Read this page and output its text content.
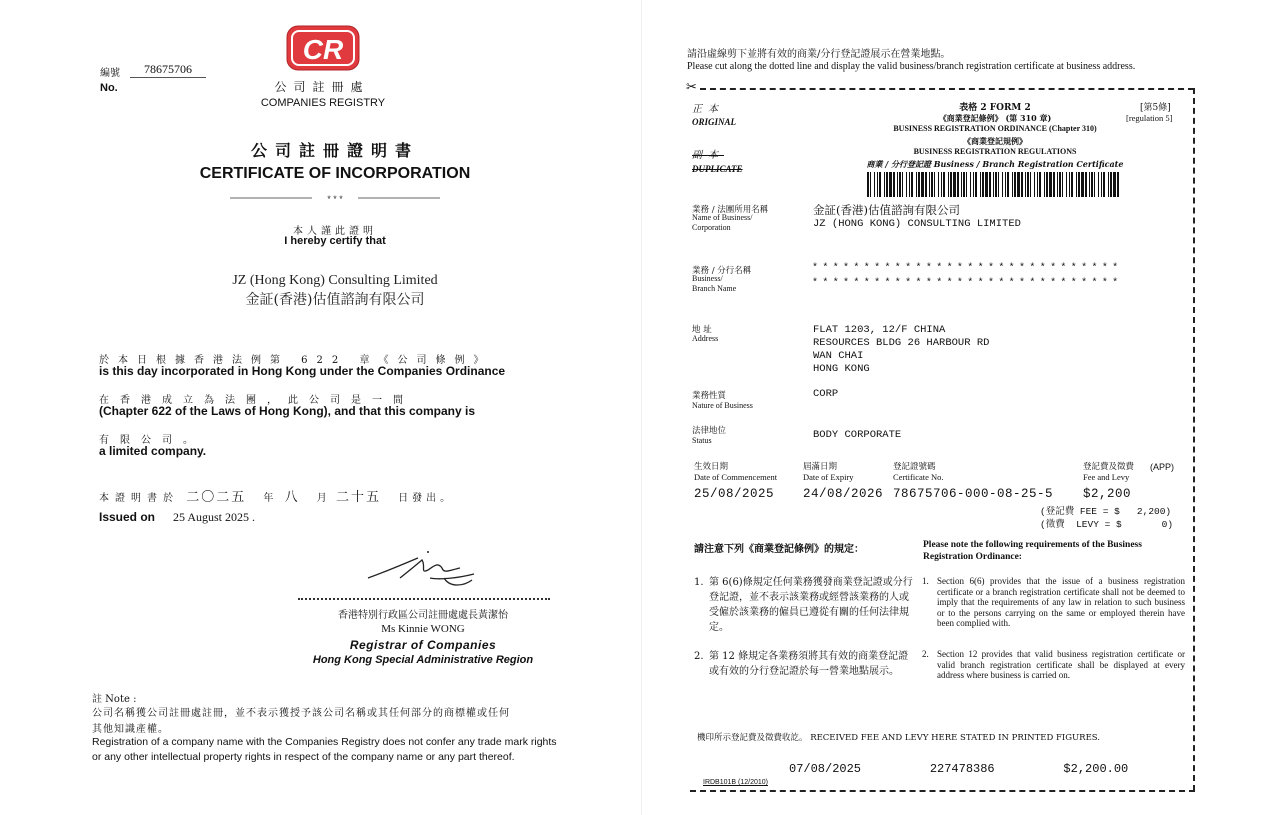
編號
No.
78675706
CR
公司註冊處
COMPANIES REGISTRY
公司註冊證明書
CERTIFICATE OF INCORPORATION
* * *
本人謹此證明
I hereby certify that
JZ (Hong Kong) Consulting Limited
金証(香港)估值諮詢有限公司
於本日根據香港法例第 622 章《公司條例》
is this day incorporated in Hong Kong under the Companies Ordinance
在香港成立為法團，此公司是一間
(Chapter 622 of the Laws of Hong Kong), and that this company is
有限公司。
a limited company.
本證明書於 二〇二五 年 八 月 二十五 日發出。
Issued on 25 August 2025 .
香港特別行政區公司註冊處處長黃潔怡
Ms Kinnie WONG
Registrar of Companies
Hong Kong Special Administrative Region
註 Note :
公司名稱獲公司註冊處註冊，並不表示獲授予該公司名稱或其任何部分的商標權或任何
其他知識產權。
Registration of a company name with the Companies Registry does not confer any trade mark rights
or any other intellectual property rights in respect of the company name or any part thereof.
請沿虛線剪下並將有效的商業/分行登記證展示在營業地點。
Please cut along the dotted line and display the valid business/branch registration certificate at business address.
✂
正本
ORIGINAL
副本
DUPLICATE
表格 2 FORM 2
《商業登記條例》 (第 310 章)
BUSINESS REGISTRATION ORDINANCE (Chapter 310)
《商業登記規例》
BUSINESS REGISTRATION REGULATIONS
商業 / 分行登記證 Business / Branch Registration Certificate
[第5條]
[regulation 5]
業務 / 法團所用名稱
Name of Business/
Corporation
金証(香港)估值諮詢有限公司
JZ (HONG KONG) CONSULTING LIMITED
業務 / 分行名稱
Business/
Branch Name
******************************
******************************
地 址
Address
FLAT 1203, 12/F CHINA
RESOURCES BLDG 26 HARBOUR RD
WAN CHAI
HONG KONG
業務性質
Nature of Business
CORP
法律地位
Status	BODY CORPORATE
生效日期
Date of Commencement
25/08/2025
屆滿日期
Date of Expiry
24/08/2026
登記證號碼
Certificate No.
78675706-000-08-25-5
登記費及徵費
Fee and Levy
(APP)
$2,200
(登記費 FEE = $   2,200)
(徵費  LEVY = $       0)
請注意下列《商業登記條例》的規定：	Please note the following requirements of the Business
Registration Ordinance:
1. 第 6(6)條規定任何業務獲發商業登記證或分行登記證，並不表示該業務或經營該業務的人或受僱於該業務的僱員已遵從有關的任何法律規定。
1. Section 6(6) provides that the issue of a business registration certificate or a branch registration certificate shall not be deemed to imply that the requirements of any law in relation to such business or to the persons carrying on the same or employed therein have been complied with.
2. 第 12 條規定各業務須將其有效的商業登記證或有效的分行登記證於每一營業地點展示。
2. Section 12 provides that valid business registration certificate or valid branch registration certificate shall be displayed at every address where business is carried on.
機印所示登記費及徵費收訖。 RECEIVED FEE AND LEVY HERE STATED IN PRINTED FIGURES.
07/08/2025    227478386    $2,200.00
IRDB101B (12/2010)
